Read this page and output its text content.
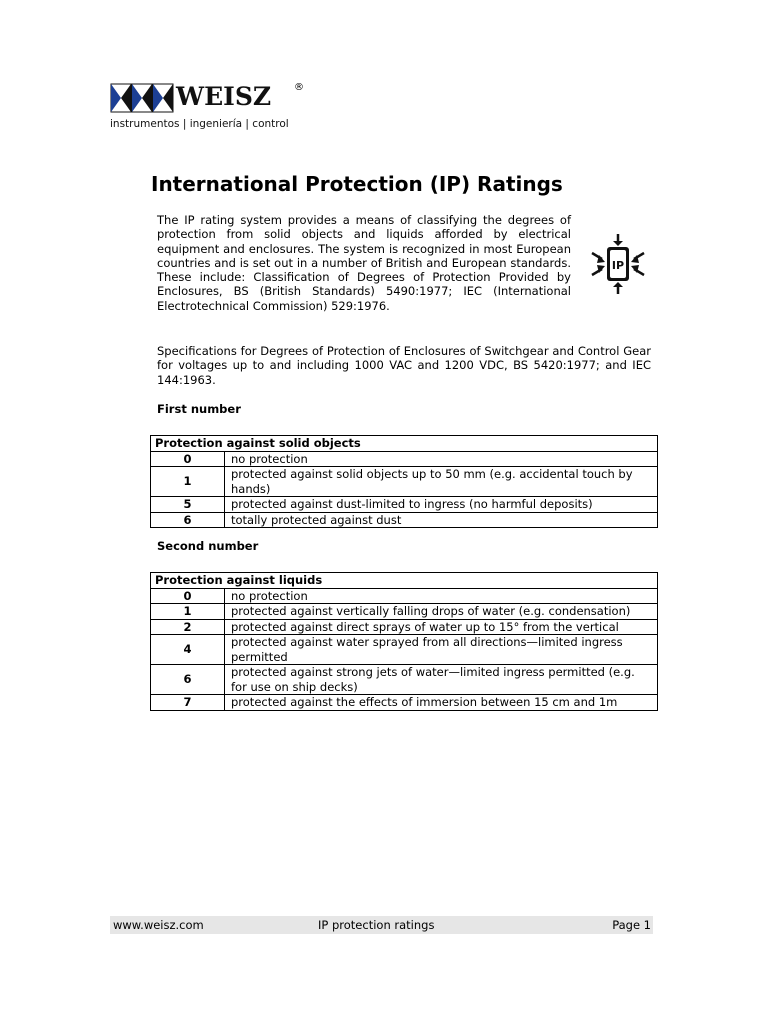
WEISZ ®
instrumentos | ingeniería | control
International Protection (IP) Ratings

The IP rating system provides a means of classifying the degrees of protection from solid objects and liquids afforded by electrical equipment and enclosures. The system is recognized in most European countries and is set out in a number of British and European standards. These include: Classification of Degrees of Protection Provided by Enclosures, BS (British Standards) 5490:1977; IEC (International Electrotechnical Commission) 529:1976.

IP

Specifications for Degrees of Protection of Enclosures of Switchgear and Control Gear for voltages up to and including 1000 VAC and 1200 VDC, BS 5420:1977; and IEC 144:1963.

First number
Protection against solid objects	
0	no protection
1	protected against solid objects up to 50 mm (e.g. accidental touch by hands)
5	protected against dust-limited to ingress (no harmful deposits)
6	totally protected against dust
Second number
Protection against liquids	
0	no protection
1	protected against vertically falling drops of water (e.g. condensation)
2	protected against direct sprays of water up to 15° from the vertical
4	protected against water sprayed from all directions—limited ingress permitted
6	protected against strong jets of water—limited ingress permitted (e.g. for use on ship decks)
7	protected against the effects of immersion between 15 cm and 1m
www.weisz.com	IP protection ratings	Page 1
